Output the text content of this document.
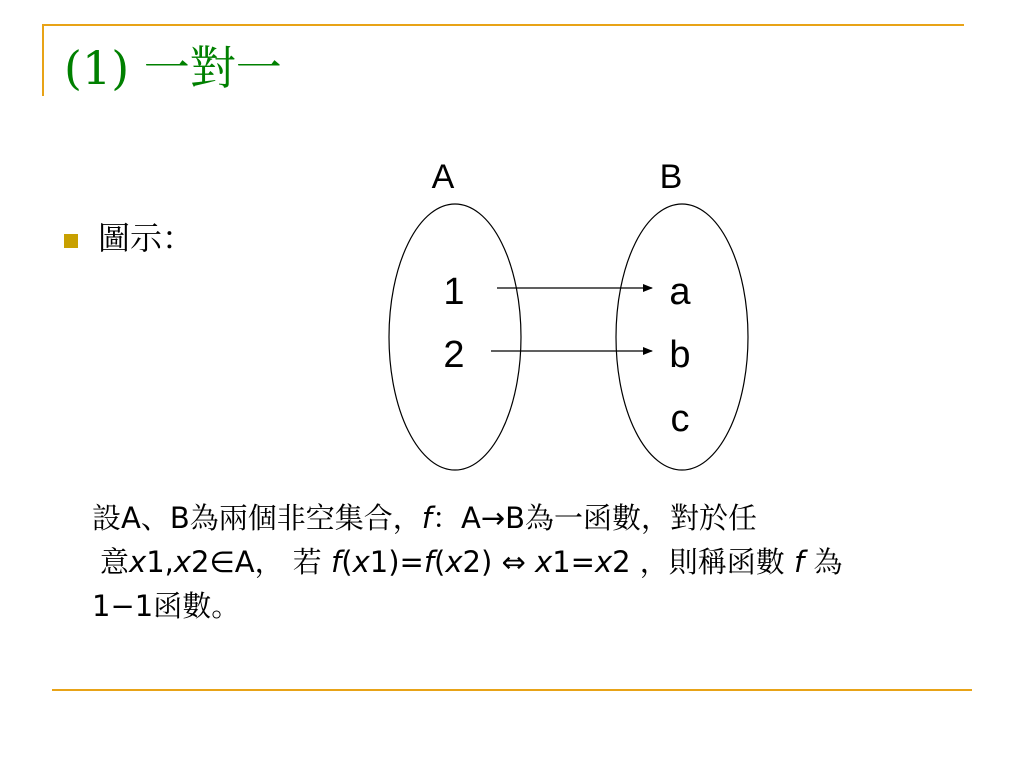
(1) 一對一
圖示：
A	B
1
2
a
b
c
設A、B為兩個非空集合，f：A→B為一函數，對於任
意x1,x2∈A， 若 f(x1)=f(x2) ⇔ x1=x2 ，則稱函數 f 為
1−1函數。
